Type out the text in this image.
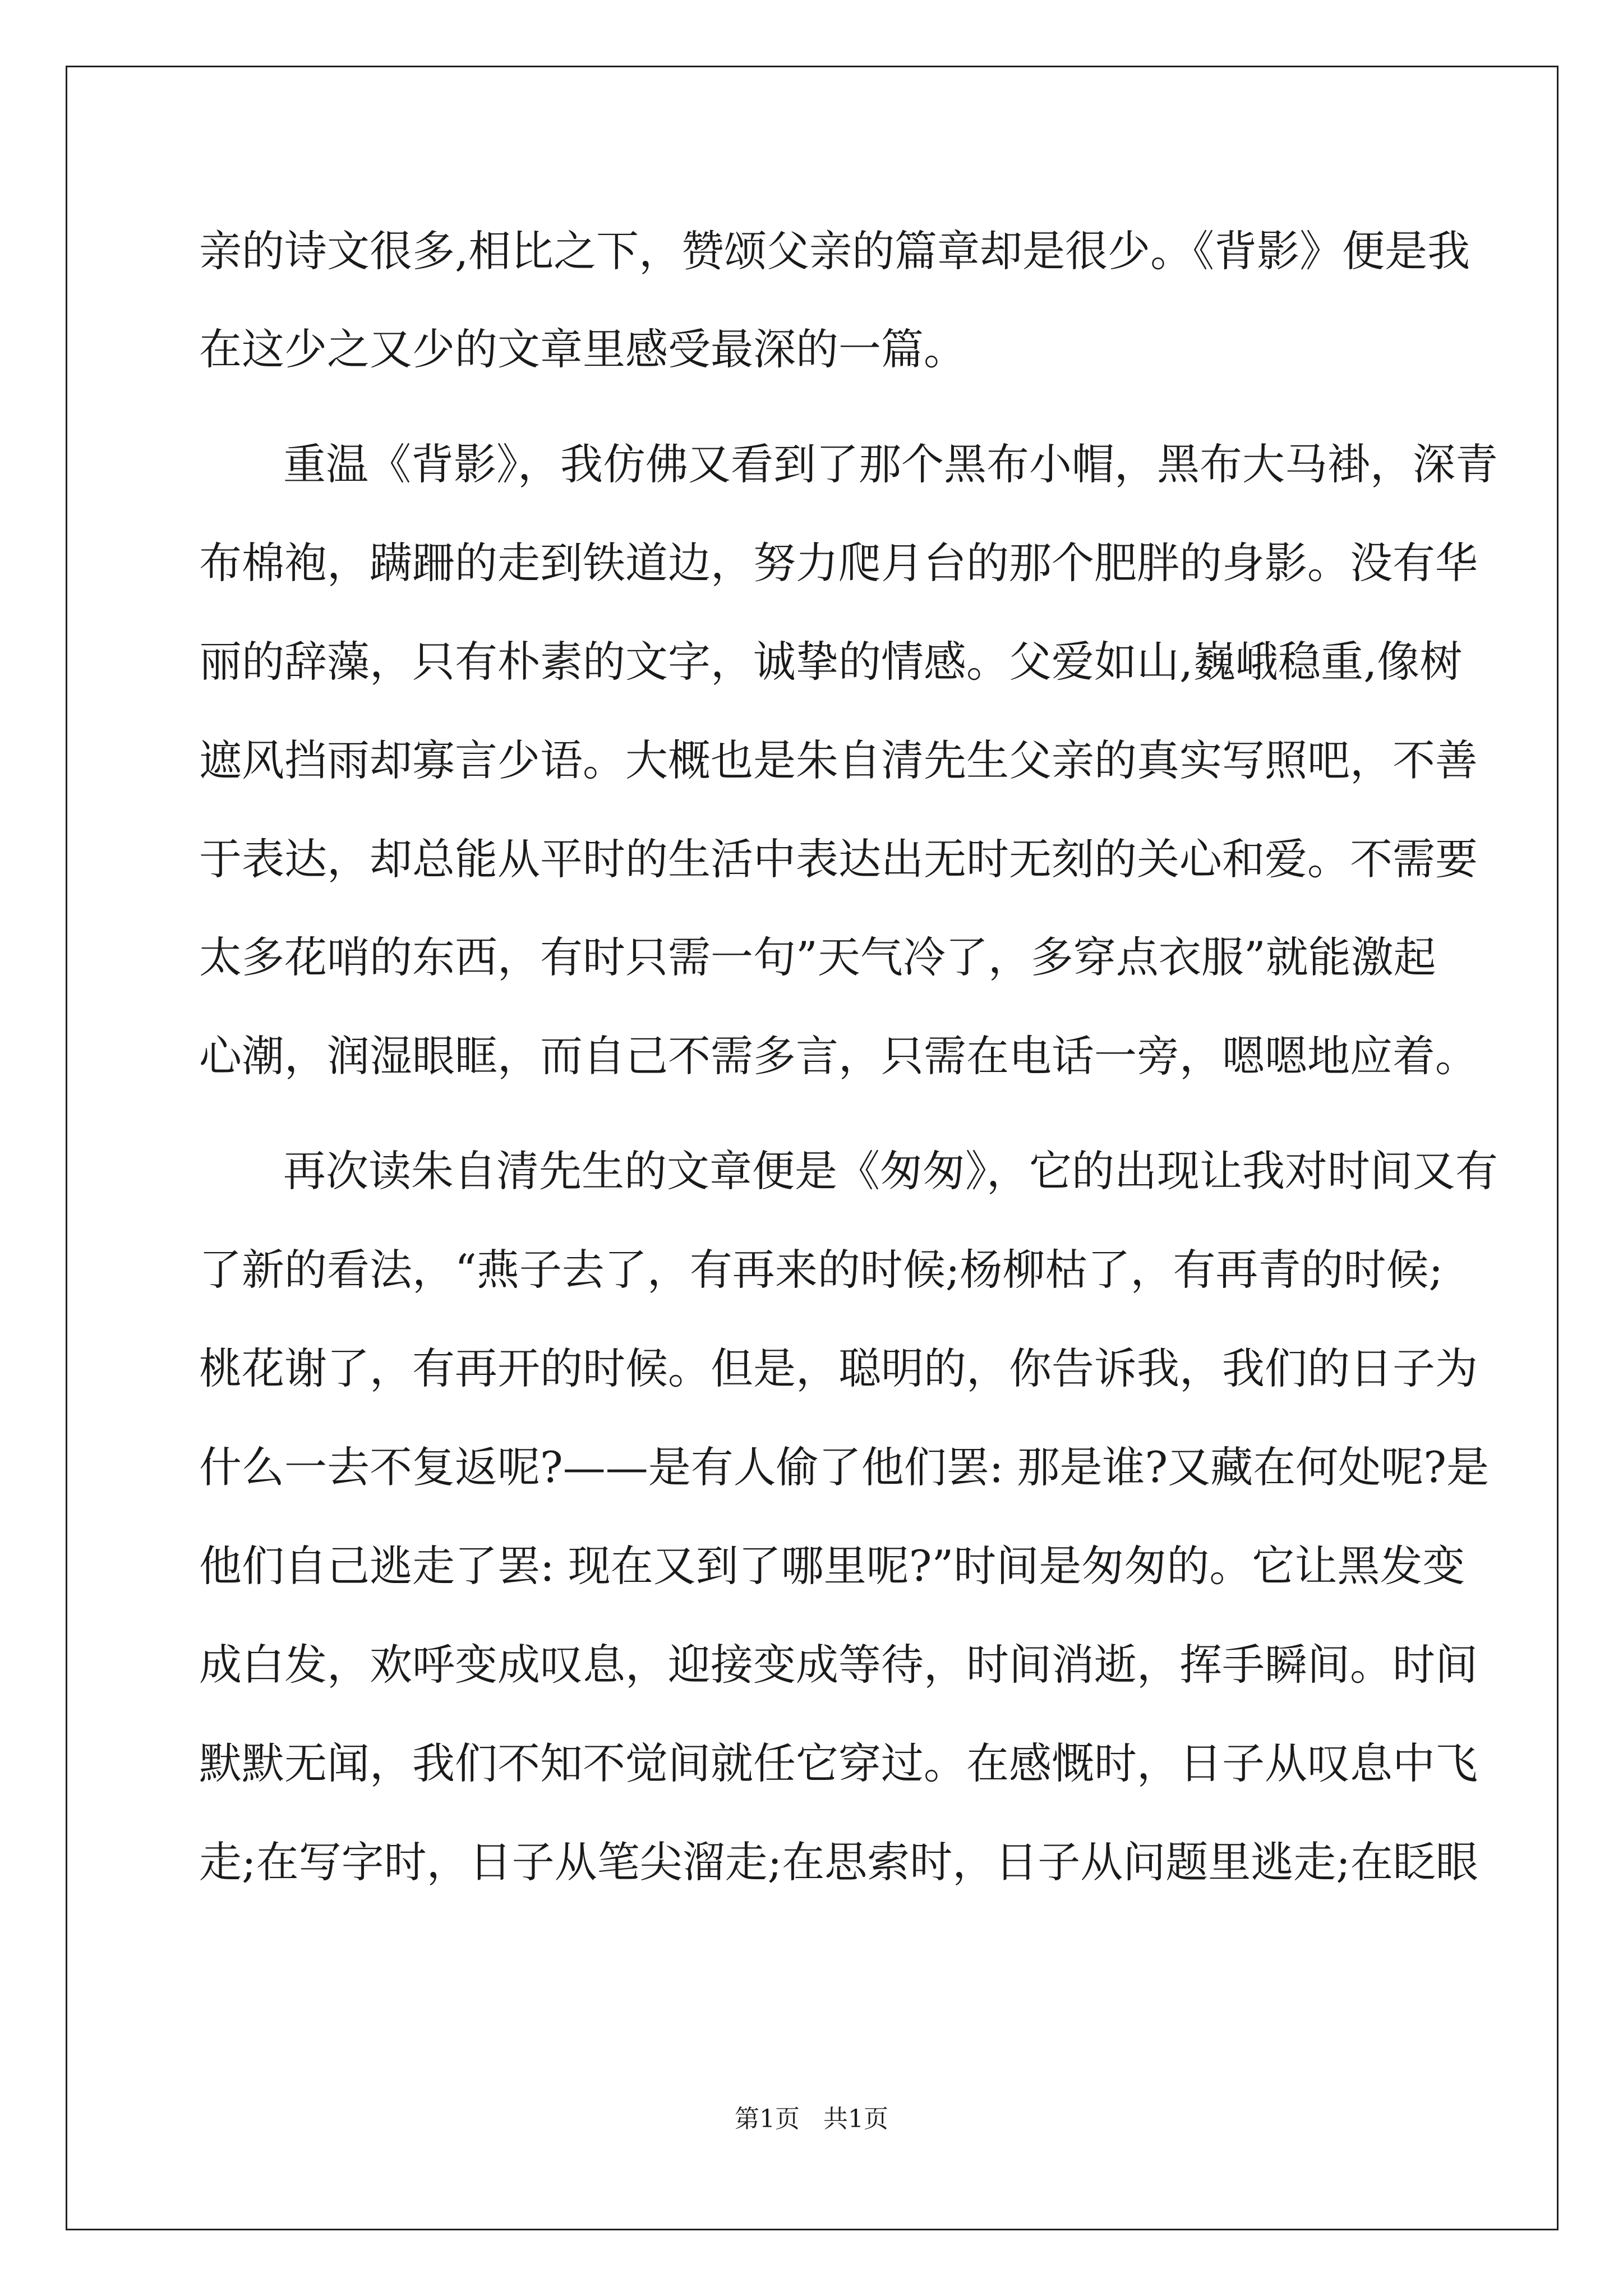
亲的诗文很多,相比之下，赞颂父亲的篇章却是很少。《背影》便是我
在这少之又少的文章里感受最深的一篇。
重温《背影》，我仿佛又看到了那个黑布小帽，黑布大马褂，深青
布棉袍，蹒跚的走到铁道边，努力爬月台的那个肥胖的身影。没有华
丽的辞藻，只有朴素的文字，诚挚的情感。父爱如山,巍峨稳重,像树
遮风挡雨却寡言少语。大概也是朱自清先生父亲的真实写照吧，不善
于表达，却总能从平时的生活中表达出无时无刻的关心和爱。不需要
太多花哨的东西，有时只需一句”天气冷了，多穿点衣服”就能激起
心潮，润湿眼眶，而自己不需多言，只需在电话一旁，嗯嗯地应着。
再次读朱自清先生的文章便是《匆匆》，它的出现让我对时间又有
了新的看法，“燕子去了，有再来的时候;杨柳枯了，有再青的时候;
桃花谢了，有再开的时候。但是，聪明的，你告诉我，我们的日子为
什么一去不复返呢?——是有人偷了他们罢: 那是谁?又藏在何处呢?是
他们自己逃走了罢: 现在又到了哪里呢?”时间是匆匆的。它让黑发变
成白发，欢呼变成叹息，迎接变成等待，时间消逝，挥手瞬间。时间
默默无闻，我们不知不觉间就任它穿过。在感慨时，日子从叹息中飞
走;在写字时，日子从笔尖溜走;在思索时，日子从问题里逃走;在眨眼
第1页   共1页
